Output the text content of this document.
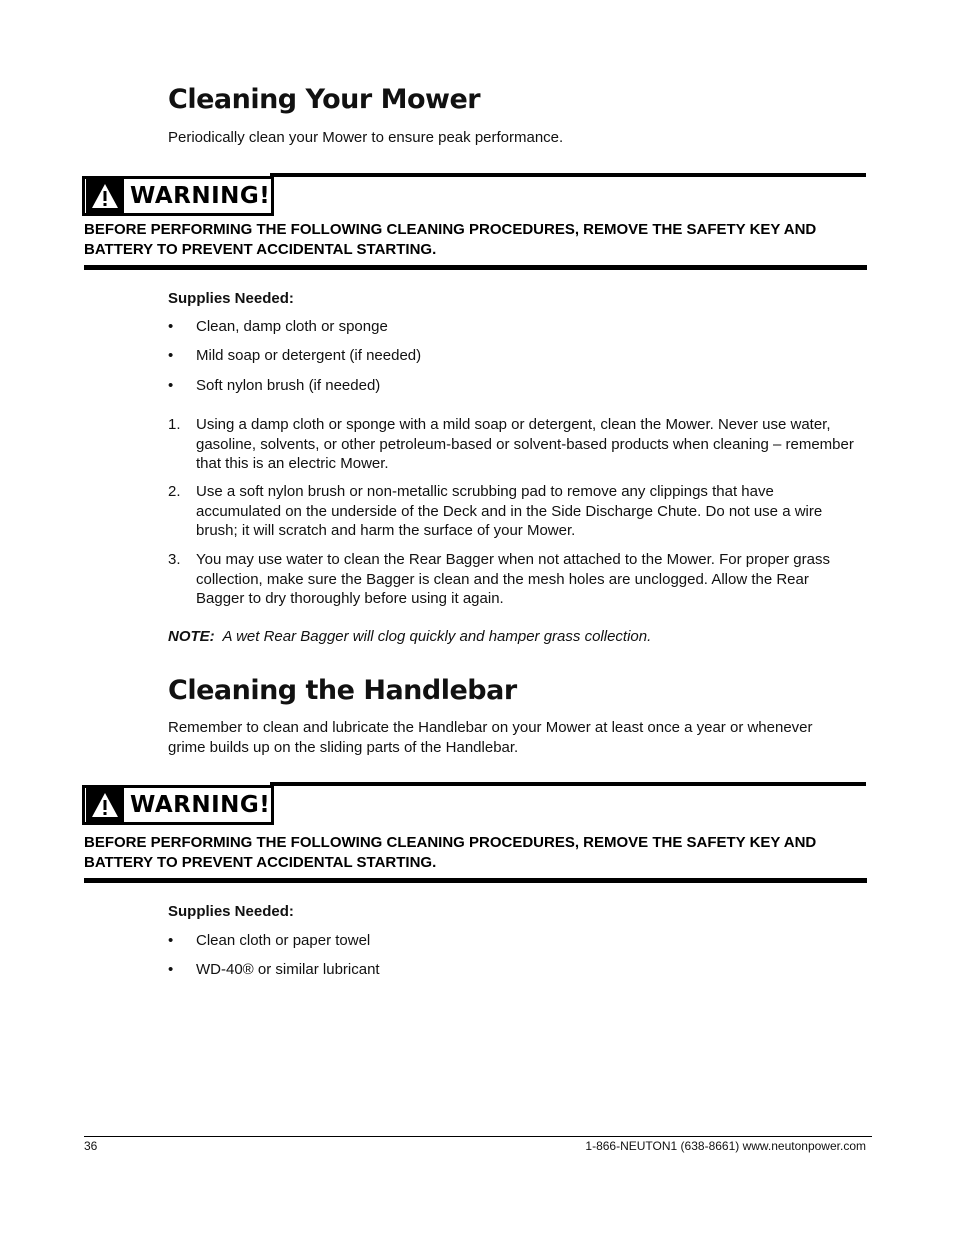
Cleaning Your Mower
Periodically clean your Mower to ensure peak performance.
WARNING!
BEFORE PERFORMING THE FOLLOWING CLEANING PROCEDURES, REMOVE THE SAFETY KEY AND BATTERY TO PREVENT ACCIDENTAL STARTING.
Supplies Needed:
• Clean, damp cloth or sponge
• Mild soap or detergent (if needed)
• Soft nylon brush (if needed)
1. Using a damp cloth or sponge with a mild soap or detergent, clean the Mower. Never use water, gasoline, solvents, or other petroleum-based or solvent-based products when cleaning – remember that this is an electric Mower.
2. Use a soft nylon brush or non-metallic scrubbing pad to remove any clippings that have accumulated on the underside of the Deck and in the Side Discharge Chute. Do not use a wire brush; it will scratch and harm the surface of your Mower.
3. You may use water to clean the Rear Bagger when not attached to the Mower. For proper grass collection, make sure the Bagger is clean and the mesh holes are unclogged. Allow the Rear Bagger to dry thoroughly before using it again.
NOTE: A wet Rear Bagger will clog quickly and hamper grass collection.
Cleaning the Handlebar
Remember to clean and lubricate the Handlebar on your Mower at least once a year or whenever grime builds up on the sliding parts of the Handlebar.
WARNING!
BEFORE PERFORMING THE FOLLOWING CLEANING PROCEDURES, REMOVE THE SAFETY KEY AND BATTERY TO PREVENT ACCIDENTAL STARTING.
Supplies Needed:
• Clean cloth or paper towel
• WD-40® or similar lubricant
36	1-866-NEUTON1 (638-8661) www.neutonpower.com
